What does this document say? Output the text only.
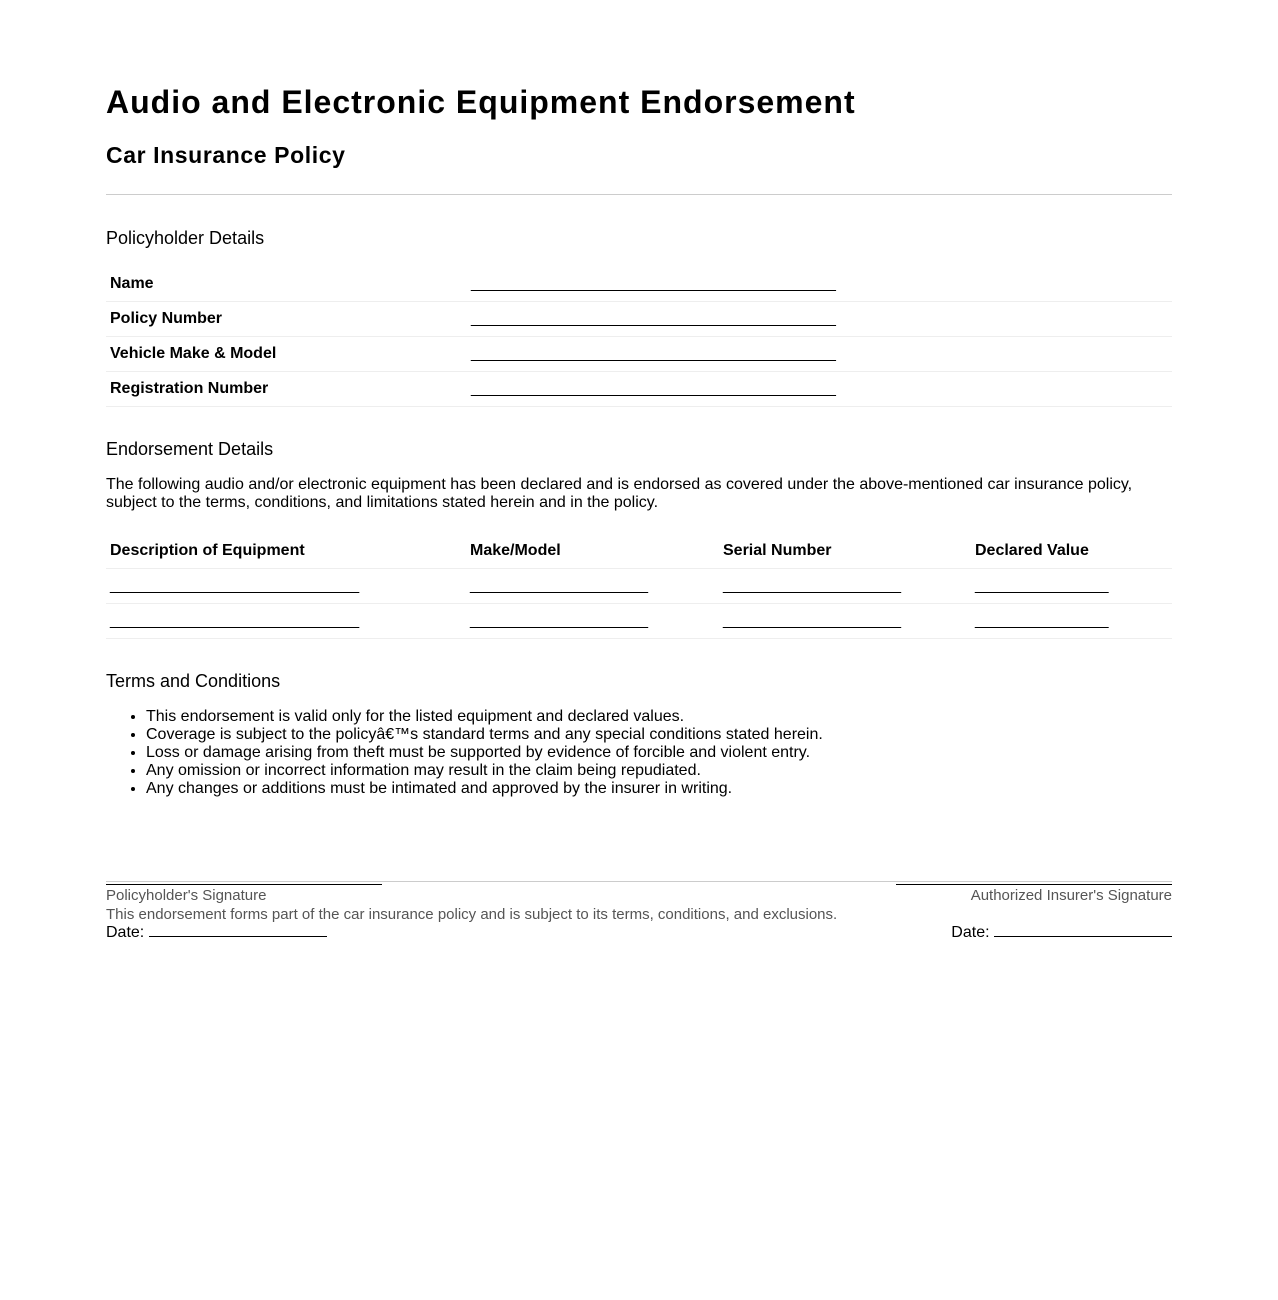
Audio and Electronic Equipment Endorsement
Car Insurance Policy
Policyholder Details
Name	_________________________________________
Policy Number	_________________________________________
Vehicle Make & Model	_________________________________________
Registration Number	_________________________________________
Endorsement Details

The following audio and/or electronic equipment has been declared and is endorsed as covered under the above-mentioned car insurance policy, subject to the terms, conditions, and limitations stated herein and in the policy.

Description of Equipment	Make/Model	Serial Number	Declared Value
____________________________	____________________	____________________	_______________
____________________________	____________________	____________________	_______________
Terms and Conditions
• This endorsement is valid only for the listed equipment and declared values.
• Coverage is subject to the policyâ€™s standard terms and any special conditions stated herein.
• Loss or damage arising from theft must be supported by evidence of forcible and violent entry.
• Any omission or incorrect information may result in the claim being repudiated.
• Any changes or additions must be intimated and approved by the insurer in writing.
Policyholder's Signature
Date:
Authorized Insurer's Signature
Date:
This endorsement forms part of the car insurance policy and is subject to its terms, conditions, and exclusions.
